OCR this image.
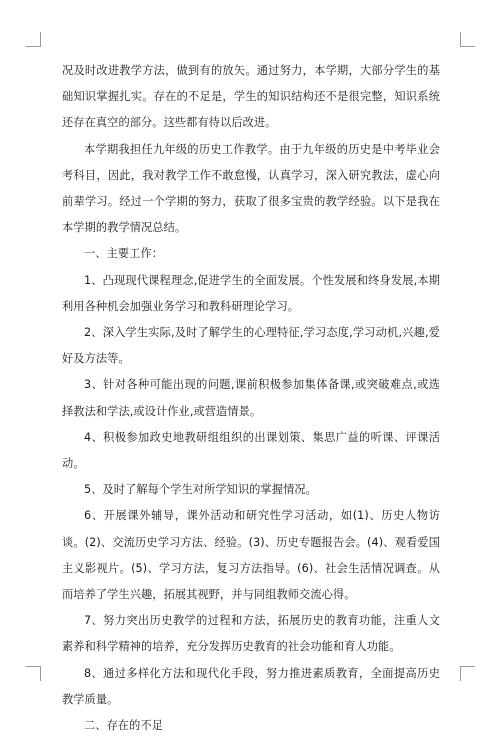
况及时改进教学方法，做到有的放矢。通过努力，本学期，大部分学生的基础知识掌握扎实。存在的不足是，学生的知识结构还不是很完整，知识系统还存在真空的部分。这些都有待以后改进。

本学期我担任九年级的历史工作教学。由于九年级的历史是中考毕业会考科目，因此，我对教学工作不敢怠慢，认真学习，深入研究教法，虚心向前辈学习。经过一个学期的努力，获取了很多宝贵的教学经验。以下是我在本学期的教学情况总结。

一、主要工作：

1、凸现现代课程理念,促进学生的全面发展。个性发展和终身发展,本期利用各种机会加强业务学习和教科研理论学习。

2、深入学生实际,及时了解学生的心理特征,学习态度,学习动机,兴趣,爱好及方法等。

3、针对各种可能出现的问题,课前积极参加集体备课,或突破难点,或选择教法和学法,或设计作业,或营造情景。

4、积极参加政史地教研组组织的出课划策、集思广益的听课、评课活动。

5、及时了解每个学生对所学知识的掌握情况。

6、开展课外辅导，课外活动和研究性学习活动，如(1)、历史人物访谈。(2)、交流历史学习方法、经验。(3)、历史专题报告会。(4)、观看爱国主义影视片。(5)、学习方法，复习方法指导。(6)、社会生活情况调查。从而培养了学生兴趣，拓展其视野，并与同组教师交流心得。

7、努力突出历史教学的过程和方法，拓展历史的教育功能，注重人文素养和科学精神的培养，充分发挥历史教育的社会功能和育人功能。

8、通过多样化方法和现代化手段，努力推进素质教育，全面提高历史教学质量。

二、存在的不足
